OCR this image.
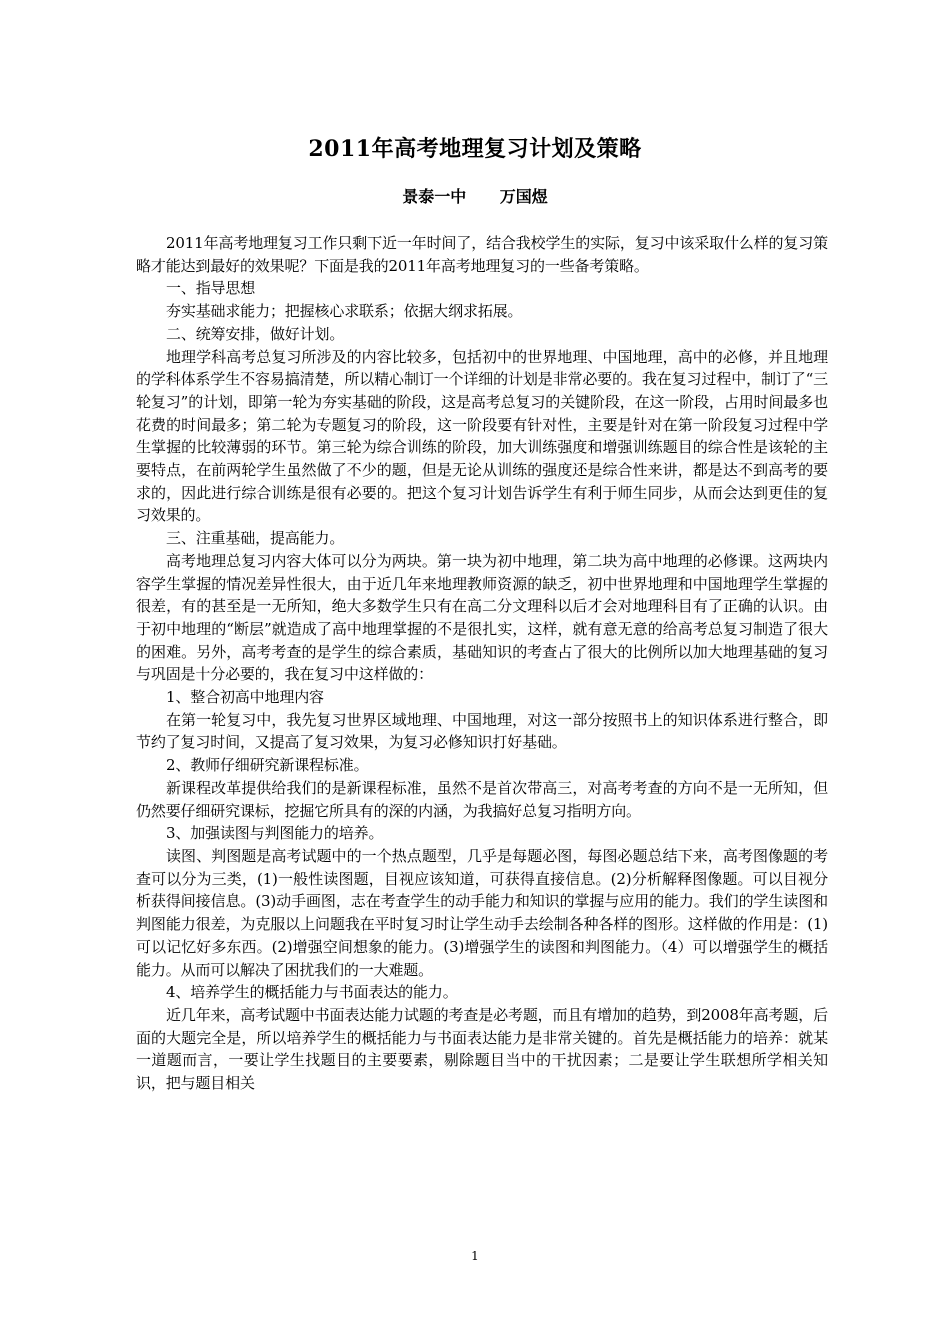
2011年高考地理复习计划及策略
景泰一中      万国煜

2011年高考地理复习工作只剩下近一年时间了，结合我校学生的实际，复习中该采取什么样的复习策略才能达到最好的效果呢？下面是我的2011年高考地理复习的一些备考策略。

一、指导思想

夯实基础求能力；把握核心求联系；依据大纲求拓展。

二、统筹安排，做好计划。

地理学科高考总复习所涉及的内容比较多，包括初中的世界地理、中国地理，高中的必修，并且地理的学科体系学生不容易搞清楚，所以精心制订一个详细的计划是非常必要的。我在复习过程中，制订了“三轮复习”的计划，即第一轮为夯实基础的阶段，这是高考总复习的关键阶段，在这一阶段，占用时间最多也花费的时间最多；第二轮为专题复习的阶段，这一阶段要有针对性，主要是针对在第一阶段复习过程中学生掌握的比较薄弱的环节。第三轮为综合训练的阶段，加大训练强度和增强训练题目的综合性是该轮的主要特点，在前两轮学生虽然做了不少的题，但是无论从训练的强度还是综合性来讲，都是达不到高考的要求的，因此进行综合训练是很有必要的。把这个复习计划告诉学生有利于师生同步，从而会达到更佳的复习效果的。

三、注重基础，提高能力。

高考地理总复习内容大体可以分为两块。第一块为初中地理，第二块为高中地理的必修课。这两块内容学生掌握的情况差异性很大，由于近几年来地理教师资源的缺乏，初中世界地理和中国地理学生掌握的很差，有的甚至是一无所知，绝大多数学生只有在高二分文理科以后才会对地理科目有了正确的认识。由于初中地理的“断层”就造成了高中地理掌握的不是很扎实，这样，就有意无意的给高考总复习制造了很大的困难。另外，高考考查的是学生的综合素质，基础知识的考查占了很大的比例所以加大地理基础的复习与巩固是十分必要的，我在复习中这样做的：

1、整合初高中地理内容

在第一轮复习中，我先复习世界区域地理、中国地理，对这一部分按照书上的知识体系进行整合，即节约了复习时间，又提高了复习效果，为复习必修知识打好基础。

2、教师仔细研究新课程标准。

新课程改革提供给我们的是新课程标准，虽然不是首次带高三，对高考考查的方向不是一无所知，但仍然要仔细研究课标，挖掘它所具有的深的内涵，为我搞好总复习指明方向。

3、加强读图与判图能力的培养。

读图、判图题是高考试题中的一个热点题型，几乎是每题必图，每图必题总结下来，高考图像题的考查可以分为三类，(1)一般性读图题，目视应该知道，可获得直接信息。(2)分析解释图像题。可以目视分析获得间接信息。(3)动手画图，志在考查学生的动手能力和知识的掌握与应用的能力。我们的学生读图和判图能力很差，为克服以上问题我在平时复习时让学生动手去绘制各种各样的图形。这样做的作用是：(1)可以记忆好多东西。(2)增强空间想象的能力。(3)增强学生的读图和判图能力。（4）可以增强学生的概括能力。从而可以解决了困扰我们的一大难题。

4、培养学生的概括能力与书面表达的能力。

近几年来，高考试题中书面表达能力试题的考查是必考题，而且有增加的趋势，到2008年高考题，后面的大题完全是，所以培养学生的概括能力与书面表达能力是非常关键的。首先是概括能力的培养：就某一道题而言，一要让学生找题目的主要要素，剔除题目当中的干扰因素；二是要让学生联想所学相关知识，把与题目相关

1
